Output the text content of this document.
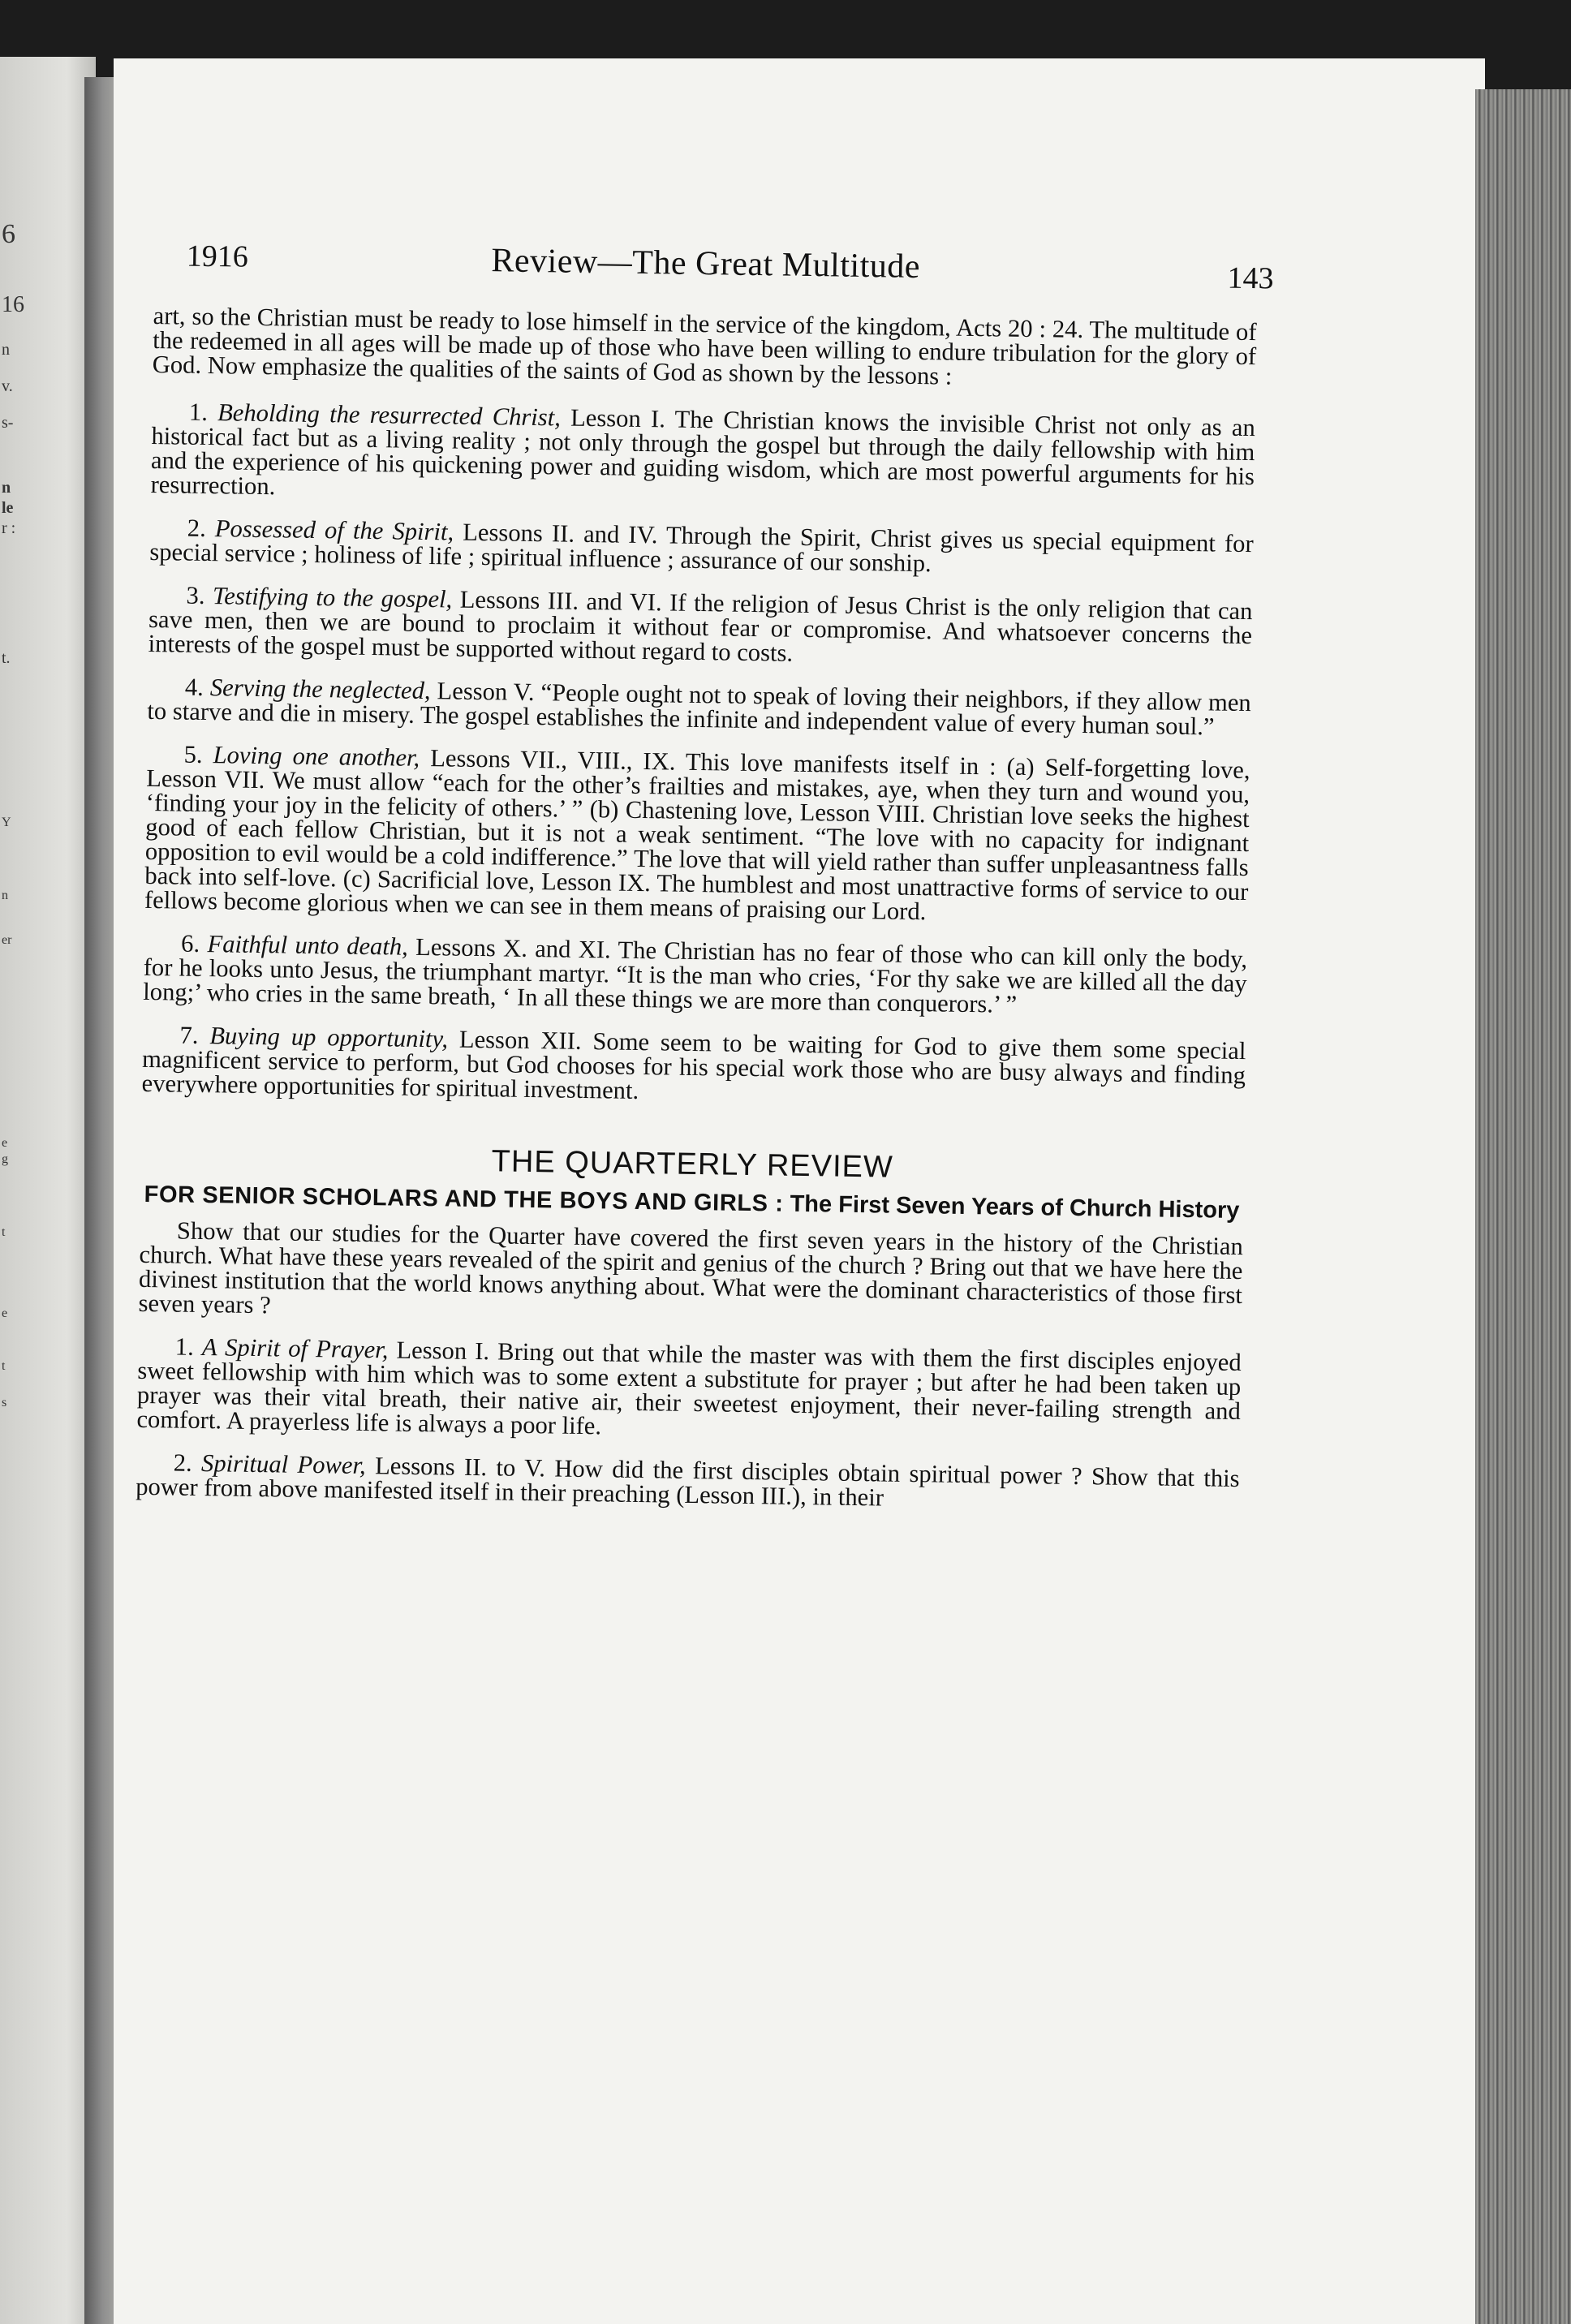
6
16
n
v.
s-
n
le
r :
t.
Y
n
er
e
g
t
e
t
s
1916	Review—The Great Multitude	143

art, so the Christian must be ready to lose himself in the service of the kingdom, Acts 20 : 24. The multitude of the redeemed in all ages will be made up of those who have been willing to endure tribulation for the glory of God. Now emphasize the qualities of the saints of God as shown by the lessons :

1. Beholding the resurrected Christ, Lesson I. The Christian knows the invisible Christ not only as an historical fact but as a living reality ; not only through the gospel but through the daily fellowship with him and the experience of his quickening power and guiding wisdom, which are most powerful arguments for his resurrection.

2. Possessed of the Spirit, Lessons II. and IV. Through the Spirit, Christ gives us special equipment for special service ; holiness of life ; spiritual influence ; assurance of our sonship.

3. Testifying to the gospel, Lessons III. and VI. If the religion of Jesus Christ is the only religion that can save men, then we are bound to proclaim it without fear or compromise. And whatsoever concerns the interests of the gospel must be supported without regard to costs.

4. Serving the neglected, Lesson V. “People ought not to speak of loving their neighbors, if they allow men to starve and die in misery. The gospel establishes the infinite and independent value of every human soul.”

5. Loving one another, Lessons VII., VIII., IX. This love manifests itself in : (a) Self-forgetting love, Lesson VII. We must allow “each for the other’s frailties and mistakes, aye, when they turn and wound you, ‘finding your joy in the felicity of others.’ ” (b) Chastening love, Lesson VIII. Christian love seeks the highest good of each fellow Christian, but it is not a weak sentiment. “The love with no capacity for indignant opposition to evil would be a cold indifference.” The love that will yield rather than suffer unpleasantness falls back into self-love. (c) Sacrificial love, Lesson IX. The humblest and most unattractive forms of service to our fellows become glorious when we can see in them means of praising our Lord.

6. Faithful unto death, Lessons X. and XI. The Christian has no fear of those who can kill only the body, for he looks unto Jesus, the triumphant martyr. “It is the man who cries, ‘For thy sake we are killed all the day long;’ who cries in the same breath, ‘ In all these things we are more than conquerors.’ ”

7. Buying up opportunity, Lesson XII. Some seem to be waiting for God to give them some special magnificent service to perform, but God chooses for his special work those who are busy always and finding everywhere opportunities for spiritual investment.

THE QUARTERLY REVIEW
FOR SENIOR SCHOLARS AND THE BOYS AND GIRLS : The First Seven Years of Church History

Show that our studies for the Quarter have covered the first seven years in the history of the Christian church. What have these years revealed of the spirit and genius of the church ? Bring out that we have here the divinest institution that the world knows anything about. What were the dominant characteristics of those first seven years ?

1. A Spirit of Prayer, Lesson I. Bring out that while the master was with them the first disciples enjoyed sweet fellowship with him which was to some extent a substitute for prayer ; but after he had been taken up prayer was their vital breath, their native air, their sweetest enjoyment, their never-failing strength and comfort. A prayerless life is always a poor life.

2. Spiritual Power, Lessons II. to V. How did the first disciples obtain spiritual power ? Show that this power from above manifested itself in their preaching (Lesson III.), in their
